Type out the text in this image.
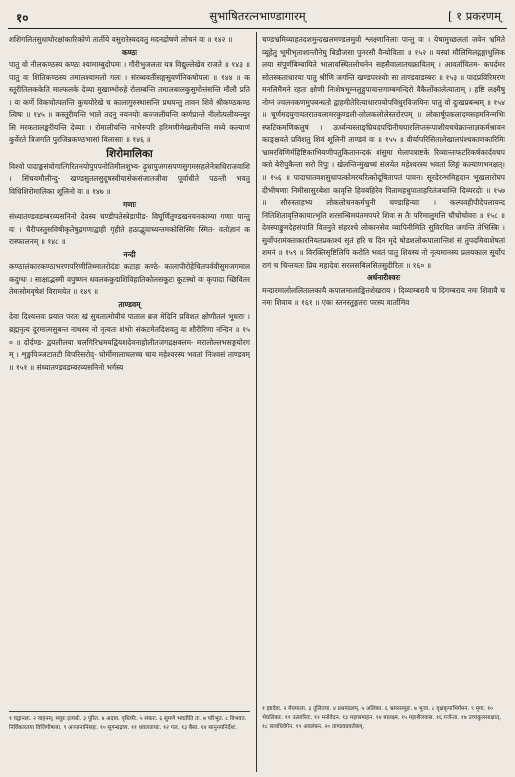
१०	सुभाषितरत्नभाण्डागारम्	[ १ प्रकरणम्

शशिगलितसुधाघोरक्षांकारिकोणे तार्तीये वसुरारेस्वदवतु मदनद्रोषणे लोचनं वः ॥ १४२ ॥

कण्ठः

पातु वो नीलकण्ठस्य कण्ठः श्यामाम्बुदोपमः । गौरीभुजलता यत्र विद्युल्लेखेव राजते ॥ १४३ ॥ पातु वः शितिकण्ठस्य तमालश्यामलो गलः । संरब्धवर्तीसङ्गसुवर्णनिकषोपलः ॥ १४४ ॥ कस्तूरीतिलककेति माल्फलके देव्या मुखाम्भोरुहे रोलम्बन्ति तमालबालकुसुमोत्तंसन्ति मौलौ प्रति । यः कर्णे विकचोत्पलन्ति कुचयोरेखे च कालागुरुस्थासन्ति प्रथयन्तु तावन शिवे श्रीकण्ठकण्ठत्विषः ॥ १४५ ॥ कस्तूरीयन्ति भाले तदनु नयनयोः कज्जलीयन्ति कर्णप्रान्ते नीलोत्पलीयन्त्युरसि मरकतालङ्करीयन्ति देव्याः । रोमालीयन्ति नाभेरुपरि हरिमणीमेखलीयन्ति मध्ये कल्याणं कुर्वेरते त्रिजगति पुरजिन्नकण्ठभासां विलासाः ॥ १४६ ॥

शिरोमालिका

विश्वो पादाङ्कसंयोगात्गिरितनयोपुपपनोतिमीलशुभ्य- ढ़ूधापुजगसपणसुगमसहलेनेत्राधिराजवाशि । सिंचयमौलीन्दु- खण्डसुतलसुदूषस्वीयासेकसंजातजीवा पूर्वाधीते पठन्ती भवतु विधिशिरोमालिका शूलिनो वः ॥ १४७ ॥

गणाः

संध्यातण्डवडम्बरव्यसनिनो देवस्य चण्डीपतेस्त्रेडापीड- विघूर्णितुण्डखनयनकाम्या गणाः पान्तु वः । चैरीपस्तुसविषीकृतेषुद्रगणाद्वाही गृहीते हठाद्भुवाच्यन्तमकोसिस्मिः स्मित- वतोज्ञानं करास्फालनम् ॥ १४८ ॥

नन्दी

कण्ठालंकारकण्ठाभरणपरिणीतिथ्मातरोदंडः कटाहः कण्ठे- कालापीरोहेचितपर्ववीसुमजगमालकदुग्धः । साक्षाद्भस्मी वपुष्णन धवलककुद्मशिविहातिकोलसकूटः कूटस्थो वः कृपादा च्छिवितरतेमःसोमवृषेशं विरामयेत ॥ १४९ ॥

ताण्डवम्

देवा दिश्यत्तवः प्रयात परतः खं सुवतात्मोयीयं पाताल ब्रज मेदिनि प्रविशत क्षोणीतलं भूधराः । ब्रह्मनृत्य दूरमात्मसुबन्त नाथस्य नो नृत्यतः शंभोः संकटमेतदिशवतु वः शौरीरिणा नन्दिन ॥ १५० ॥ दोर्दण्ड- द्वयलीलया चलगिरिभ्रमयद्वियशदेवनाहोलीतजगद्रक्षक्लम- मरालोल्लभसङ्गयोरगम् । शृङ्खपिञ्जटातटी विपरिसरोद्- घोर्मीमालाचलच्च चाय महेश्वरस्य भवतां निःश्वसं ताण्डवम् ॥ १५१ ॥ संध्यातण्डवडम्बरव्यसनिनो भर्गस्य

चण्डभ्रमिव्याहतदशमुन्दखलमण्डलमुवो श्लक्ष्णानिलाः पान्तु वः । येषामुच्छलतां जवेन भ्रमिते व्यूहेतु भूमीभृताशान्तौनेघु बिडौजसा पुनरसौ वैन्योविताः ॥ १५२ ॥ यस्यां मौलिमिलद्गङ्गाधुलिकलया संपूर्णबिम्बायिते भालावस्थितलोचनेन सहसैवालातचक्रायितम् । आवर्तायितम- कपर्दमरसोतस्कताधारया पातु श्रीणि जगन्ति खण्डपरश्वोः सा ताण्डवाडम्बरः ॥ १५३ ॥ पादप्रविरिमरणमनलिमैमने रहतः क्षोणी निःशेषभूम्नलुहुपायात्तगाम्बमन्दिरो वैकैर्लोकालेत्याताम् । हष्टि लक्ष्मैषु नोग्नं ज्वलनकणमुपबन्धतो द्वाहमीतेरित्याधारपयोपविधुरविजयिनः पातु वो दुःखप्रबन्धम् ॥ १५४ ॥ चूर्णमदयुगायतरातवलामरकुण्डली-लोलकलोलेस्तरोरपम् ॥ लोकार्षूपकलादमसहमनिन्मभिः स्फटिकमणिकलुषं । ऊर्ध्वन्यस्ताङ्घ्रियदपद्मिनीचयारलिप्तरूपाशीयचचेक्रान्ताज्ञकर्मश्रावनकाङ्क्षवते प्रविशतु शिवं शूलिनी ताण्डवं वः ॥ १५५ ॥ वीर्यापरिसितालेखालपंश्चकाणकारिमिः भ्रामरविणिर्महिष्टिकाभियणीपतुकितानन्दकं शंसुमा मेलापत्राष्टके रिव्यान्तःफटरिकर्षकार्दवचपक्तो बेरीपुकैन्ता सरो रिपुः । खेलन्तिन्मुखच्चं संलयेत महेश्वरस्य भवतां लिङ्गं कल्याणभनक्षत्। ॥ १५६ ॥ पादाघातवशसुधापत्कोमरयरित्कोदूषितापतं पावन। सूरदेरन्भमिहृदान भूखलारोघपदीभीषणाः निमीसासुरबेशा कावृत्ति हिवबहिरेव पितामहधुपाताहरितंजयाम्ति दिव्यरदोः ॥ १५७ ॥ सौरुस्ताहभ्य लोकलोचनकर्मचुनी चण्डाहिन्याः । कल्पवहीपीदेपलायन्दनितिशितावृत्तिकायात्भृति शरसन्धिमयंतमपपरे शिवः स तैः परिमालुमत्ति चौचोचोवरः ॥ १५८ ॥ देवस्याङ्कुमदेहसंपाति वितनुते संहरश्चे लोकानसेव व्यापिनीमिति सुविरचित जगन्ति तेभिस्त्रिः । सुर्वोपरामंक्ताकारनियतप्रकाश्यं सृतं हरि च दिन मृदे षोडशलोकपालान्तिशं सं तुपदमिवाशेषतां शमनं ॥ १५९ ॥ विरक्तिसृष्टिलिपि करोति भवतं पातु शिवस्य नो नृत्यमानस्य प्रलयकाल सूर्योपरागं च चिन्तयतः प्रिय महादेवः सरलसबिलसितसुदीरितः ॥ १६० ॥

अर्धनारीश्वरः

मन्दारमालोललितालकायै कपालमालाङ्कितशेखराय । दिव्याम्बरायै च दिगम्बराय नमः शिवायै च नमः शिवाय ॥ १६१ ॥ एकः स्तनस्तुङ्गतरः परस्य वार्तामिव

१ यद्वानलः. २ वाहनम्; मयूरः इत्यर्थः. ३ पूरित. ४ अदाव. पृथिव्यैः. ५ शंकरः. ६ सुमणे भवतीति तः. ७ परिभूत. ८ विभवत. निर्विकारतया विजिगीषाया. ९ अञ्जनानिसहः. १० सुगन्धद्रव्य. ११ धवलतायाः. १२ गल. १३ बैसा. १४ सानुनयनिर्देशः.
१ इष्टदेवः. २ मेघमाला. ३ तूलितया. ४ प्रथमंडलम्. ५ अलिका. ६ भ्रमरसमूहः. ७ भुजा. ८ वृक्षकृपाभिर्गमन. ९ मृगा. १० भेघलिकाः. ११ उत्सारितः. १२ मनोवेदन. १३ महासमाहन. १४ बालक्ष्म. १५ महाशैलवास. १६ गर्जन्ता. १७ उच्चकुलसाक्षात्. १८ सावधिवेगेन. १९ अवलंबन. २० ताण्डवप्रवर्तकम्.
